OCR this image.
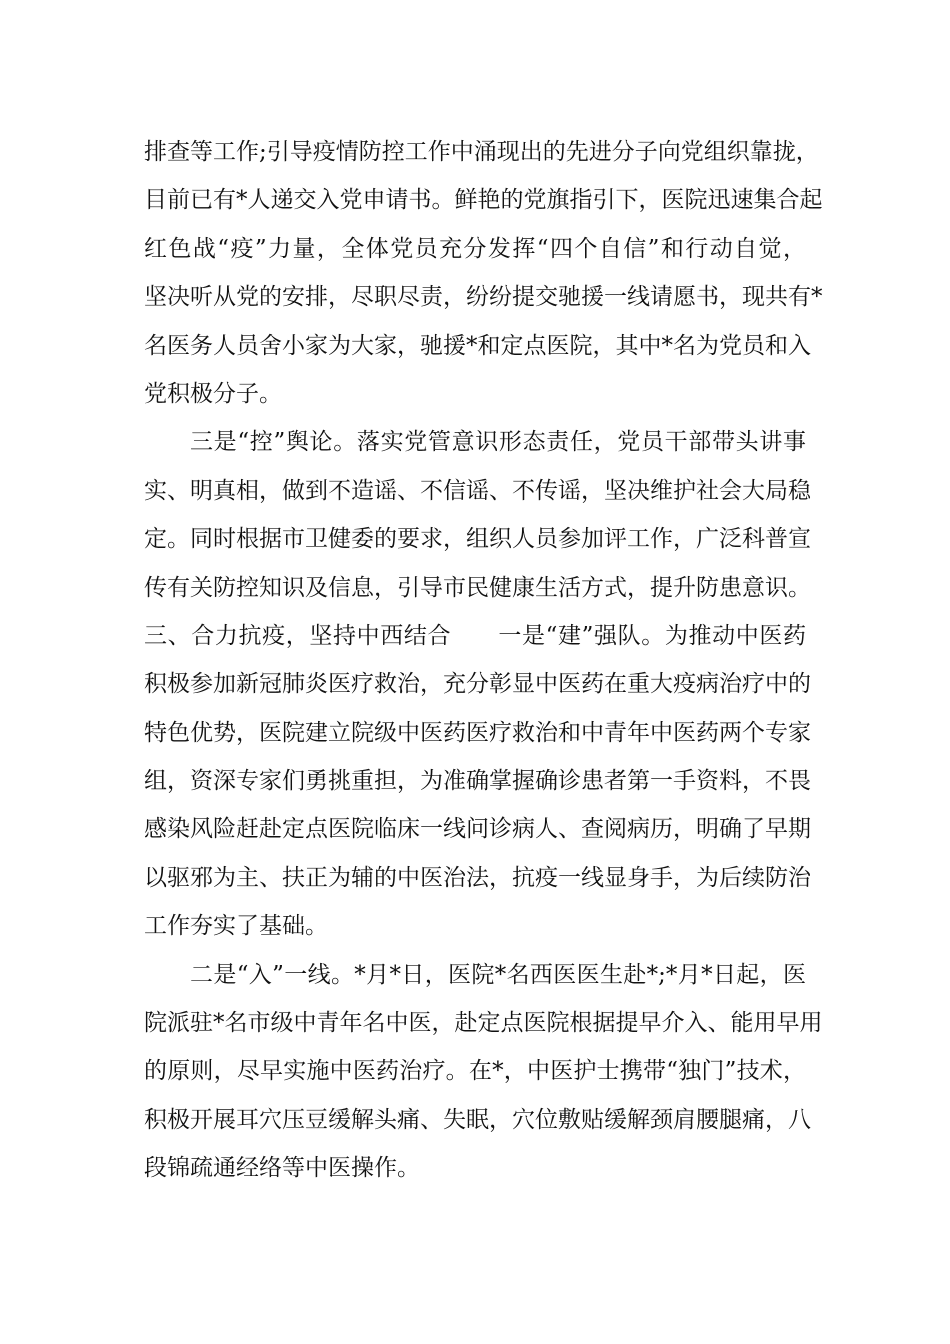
排查等工作;引导疫情防控工作中涌现出的先进分子向党组织靠拢，
目前已有*人递交入党申请书。鲜艳的党旗指引下，医院迅速集合起
红色战“疫”力量，全体党员充分发挥“四个自信”和行动自觉，
坚决听从党的安排，尽职尽责，纷纷提交驰援一线请愿书，现共有*
名医务人员舍小家为大家，驰援*和定点医院，其中*名为党员和入
党积极分子。
三是“控”舆论。落实党管意识形态责任，党员干部带头讲事
实、明真相，做到不造谣、不信谣、不传谣，坚决维护社会大局稳
定。同时根据市卫健委的要求，组织人员参加评工作，广泛科普宣
传有关防控知识及信息，引导市民健康生活方式，提升防患意识。
三、合力抗疫，坚持中西结合　　一是“建”强队。为推动中医药
积极参加新冠肺炎医疗救治，充分彰显中医药在重大疫病治疗中的
特色优势，医院建立院级中医药医疗救治和中青年中医药两个专家
组，资深专家们勇挑重担，为准确掌握确诊患者第一手资料，不畏
感染风险赶赴定点医院临床一线问诊病人、查阅病历，明确了早期
以驱邪为主、扶正为辅的中医治法，抗疫一线显身手，为后续防治
工作夯实了基础。
二是“入”一线。*月*日，医院*名西医医生赴*;*月*日起，医
院派驻*名市级中青年名中医，赴定点医院根据提早介入、能用早用
的原则，尽早实施中医药治疗。在*，中医护士携带“独门”技术，
积极开展耳穴压豆缓解头痛、失眠，穴位敷贴缓解颈肩腰腿痛，八
段锦疏通经络等中医操作。
